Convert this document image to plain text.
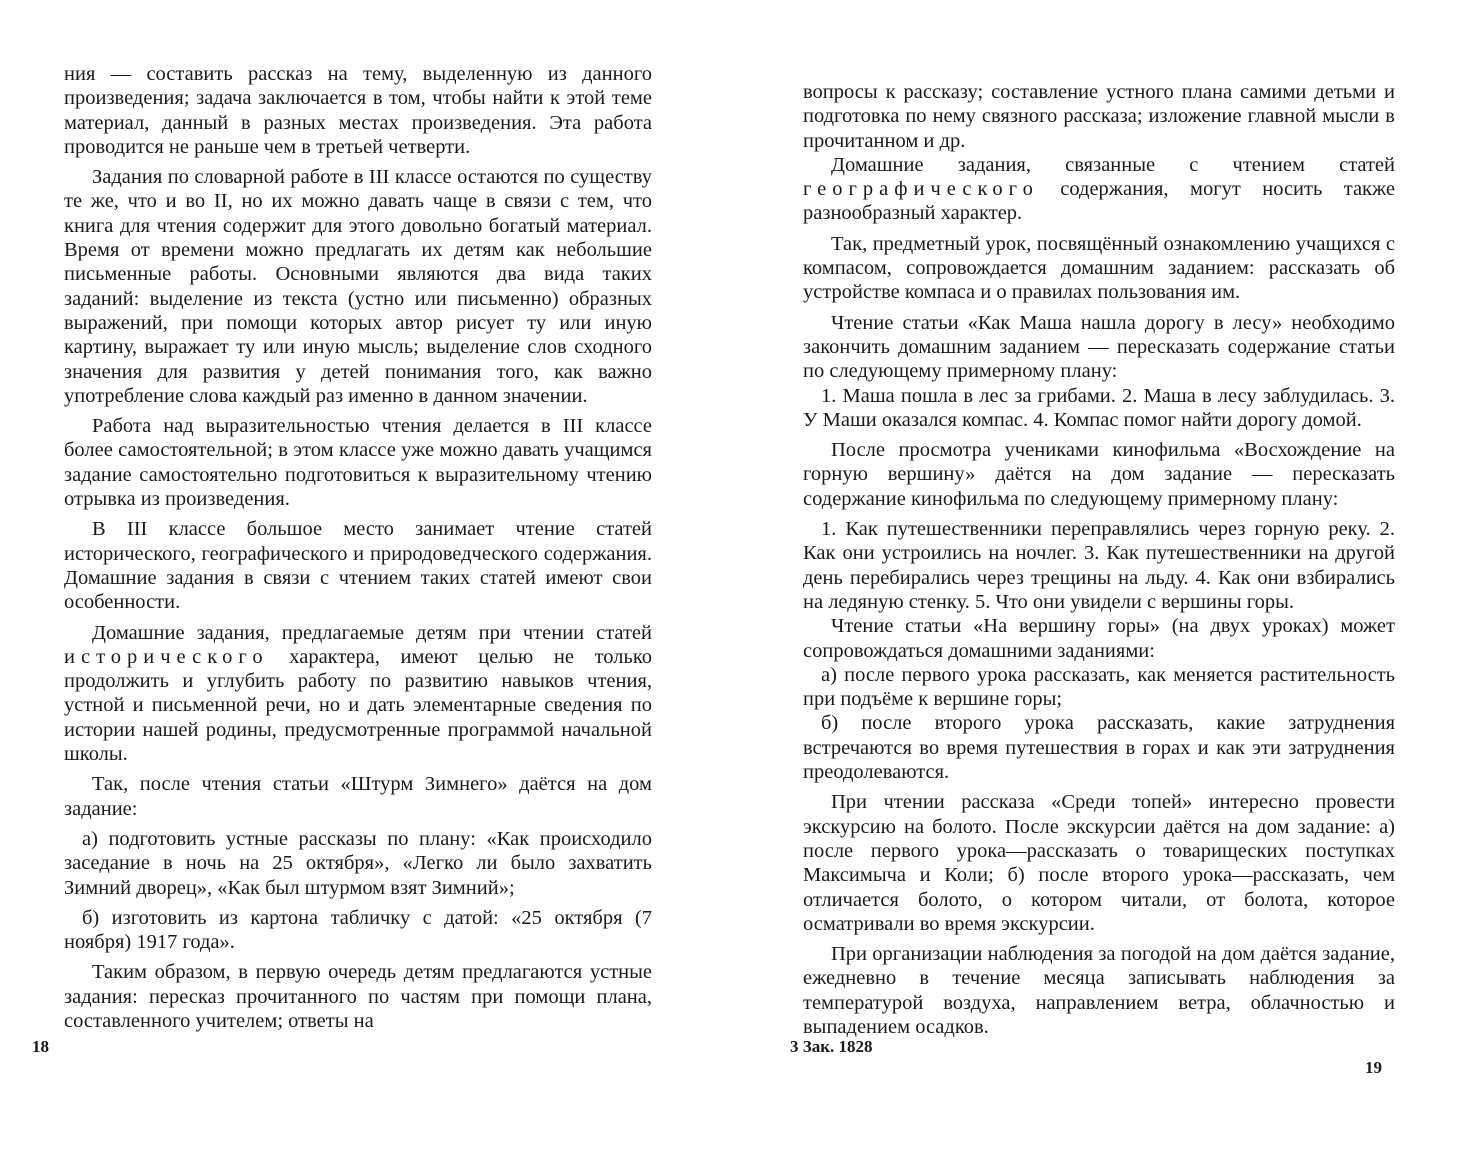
ния — составить рассказ на тему, выделенную из данного произведения; задача заключается в том, чтобы найти к этой теме материал, данный в разных местах произведения. Эта работа проводится не раньше чем в третьей четверти.

Задания по словарной работе в III классе остаются по существу те же, что и во II, но их можно давать чаще в связи с тем, что книга для чтения содержит для этого довольно богатый материал. Время от времени можно предлагать их детям как небольшие письменные работы. Основными являются два вида таких заданий: выделение из текста (устно или письменно) образных выражений, при помощи которых автор рисует ту или иную картину, выражает ту или иную мысль; выделение слов сходного значения для развития у детей понимания того, как важно употребление слова каждый раз именно в данном значении.

Работа над выразительностью чтения делается в III классе более самостоятельной; в этом классе уже можно давать учащимся задание самостоятельно подготовиться к выразительному чтению отрывка из произведения.

В III классе большое место занимает чтение статей исторического, географического и природоведческого содержания. Домашние задания в связи с чтением таких статей имеют свои особенности.

Домашние задания, предлагаемые детям при чтении статей исторического характера, имеют целью не только продолжить и углубить работу по развитию навыков чтения, устной и письменной речи, но и дать элементарные сведения по истории нашей родины, предусмотренные программой начальной школы.

Так, после чтения статьи «Штурм Зимнего» даётся на дом задание:

а) подготовить устные рассказы по плану: «Как происходило заседание в ночь на 25 октября», «Легко ли было захватить Зимний дворец», «Как был штурмом взят Зимний»;

б) изготовить из картона табличку с датой: «25 октября (7 ноября) 1917 года».

Таким образом, в первую очередь детям предлагаются устные задания: пересказ прочитанного по частям при помощи плана, составленного учителем; ответы на

вопросы к рассказу; составление устного плана самими детьми и подготовка по нему связного рассказа; изложение главной мысли в прочитанном и др.

Домашние задания, связанные с чтением статей географического содержания, могут носить также разнообразный характер.

Так, предметный урок, посвящённый ознакомлению учащихся с компасом, сопровождается домашним заданием: рассказать об устройстве компаса и о правилах пользования им.

Чтение статьи «Как Маша нашла дорогу в лесу» необходимо закончить домашним заданием — пересказать содержание статьи по следующему примерному плану:

1. Маша пошла в лес за грибами. 2. Маша в лесу заблудилась. 3. У Маши оказался компас. 4. Компас помог найти дорогу домой.

После просмотра учениками кинофильма «Восхождение на горную вершину» даётся на дом задание — пересказать содержание кинофильма по следующему примерному плану:

1. Как путешественники переправлялись через горную реку. 2. Как они устроились на ночлег. 3. Как путешественники на другой день перебирались через трещины на льду. 4. Как они взбирались на ледяную стенку. 5. Что они увидели с вершины горы.

Чтение статьи «На вершину горы» (на двух уроках) может сопровождаться домашними заданиями:

а) после первого урока рассказать, как меняется растительность при подъёме к вершине горы;

б) после второго урока рассказать, какие затруднения встречаются во время путешествия в горах и как эти затруднения преодолеваются.

При чтении рассказа «Среди топей» интересно провести экскурсию на болото. После экскурсии даётся на дом задание: а) после первого урока—рассказать о товарищеских поступках Максимыча и Коли; б) после второго урока—рассказать, чем отличается болото, о котором читали, от болота, которое осматривали во время экскурсии.

При организации наблюдения за погодой на дом даётся задание, ежедневно в течение месяца записывать наблюдения за температурой воздуха, направлением ветра, облачностью и выпадением осадков.

18	3 Зак. 1828
19
